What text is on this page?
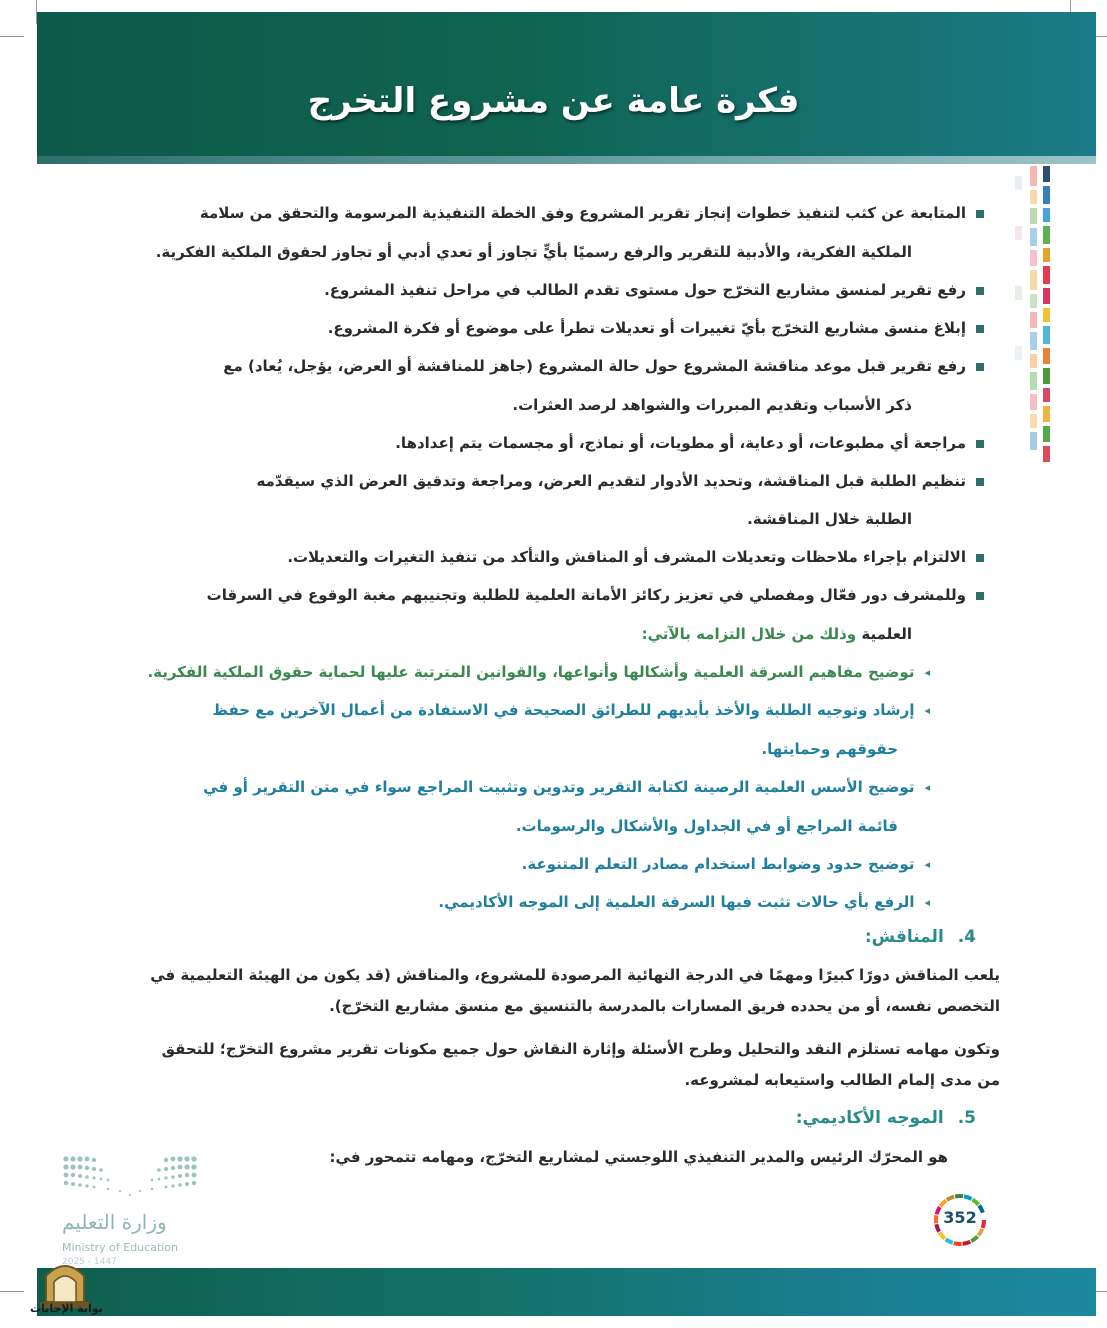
فكرة عامة عن مشروع التخرج
المتابعة عن كثب لتنفيذ خطوات إنجاز تقرير المشروع وفق الخطة التنفيذية المرسومة والتحقق من سلامة
الملكية الفكرية، والأدبية للتقرير والرفع رسميًا بأيٍّ تجاوز أو تعدي أدبي أو تجاوز لحقوق الملكية الفكرية.
رفع تقرير لمنسق مشاريع التخرّج حول مستوى تقدم الطالب في مراحل تنفيذ المشروع.
إبلاغ منسق مشاريع التخرّج بأيّ تغييرات أو تعديلات تطرأ على موضوع أو فكرة المشروع.
رفع تقرير قبل موعد مناقشة المشروع حول حالة المشروع (جاهز للمناقشة أو العرض، يؤجل، يُعاد) مع
ذكر الأسباب وتقديم المبررات والشواهد لرصد العثرات.
مراجعة أي مطبوعات، أو دعاية، أو مطويات، أو نماذج، أو مجسمات يتم إعدادها.
تنظيم الطلبة قبل المناقشة، وتحديد الأدوار لتقديم العرض، ومراجعة وتدقيق العرض الذي سيقدّمه
الطلبة خلال المناقشة.
الالتزام بإجراء ملاحظات وتعديلات المشرف أو المناقش والتأكد من تنفيذ التغيرات والتعديلات.
وللمشرف دور فعّال ومفصلي في تعزيز ركائز الأمانة العلمية للطلبة وتجنيبهم مغبة الوقوع في السرقات
العلمية وذلك من خلال التزامه بالآتي:
◂توضيح مفاهيم السرقة العلمية وأشكالها وأنواعها، والقوانين المترتبة عليها لحماية حقوق الملكية الفكرية.
◂إرشاد وتوجيه الطلبة والأخذ بأيديهم للطرائق الصحيحة في الاستفادة من أعمال الآخرين مع حفظ
حقوقهم وحمايتها.
◂توضيح الأسس العلمية الرصينة لكتابة التقرير وتدوين وتثبيت المراجع سواء في متن التقرير أو في
قائمة المراجع أو في الجداول والأشكال والرسومات.
◂توضيح حدود وضوابط استخدام مصادر التعلم المتنوعة.
◂الرفع بأي حالات تثبت فيها السرقة العلمية إلى الموجه الأكاديمي.
4. المناقش:
يلعب المناقش دورًا كبيرًا ومهمًا في الدرجة النهائية المرصودة للمشروع، والمناقش (قد يكون من الهيئة التعليمية في
التخصص نفسه، أو من يحدده فريق المسارات بالمدرسة بالتنسيق مع منسق مشاريع التخرّج).
وتكون مهامه تستلزم النقد والتحليل وطرح الأسئلة وإثارة النقاش حول جميع مكونات تقرير مشروع التخرّج؛ للتحقق
من مدى إلمام الطالب واستيعابه لمشروعه.
5. الموجه الأكاديمي:
هو المحرّك الرئيس والمدير التنفيذي اللوجستي لمشاريع التخرّج، ومهامه تتمحور في:
وزارة التعليم
Ministry of Education
2025 - 1447
352
بوابة الإجابات
